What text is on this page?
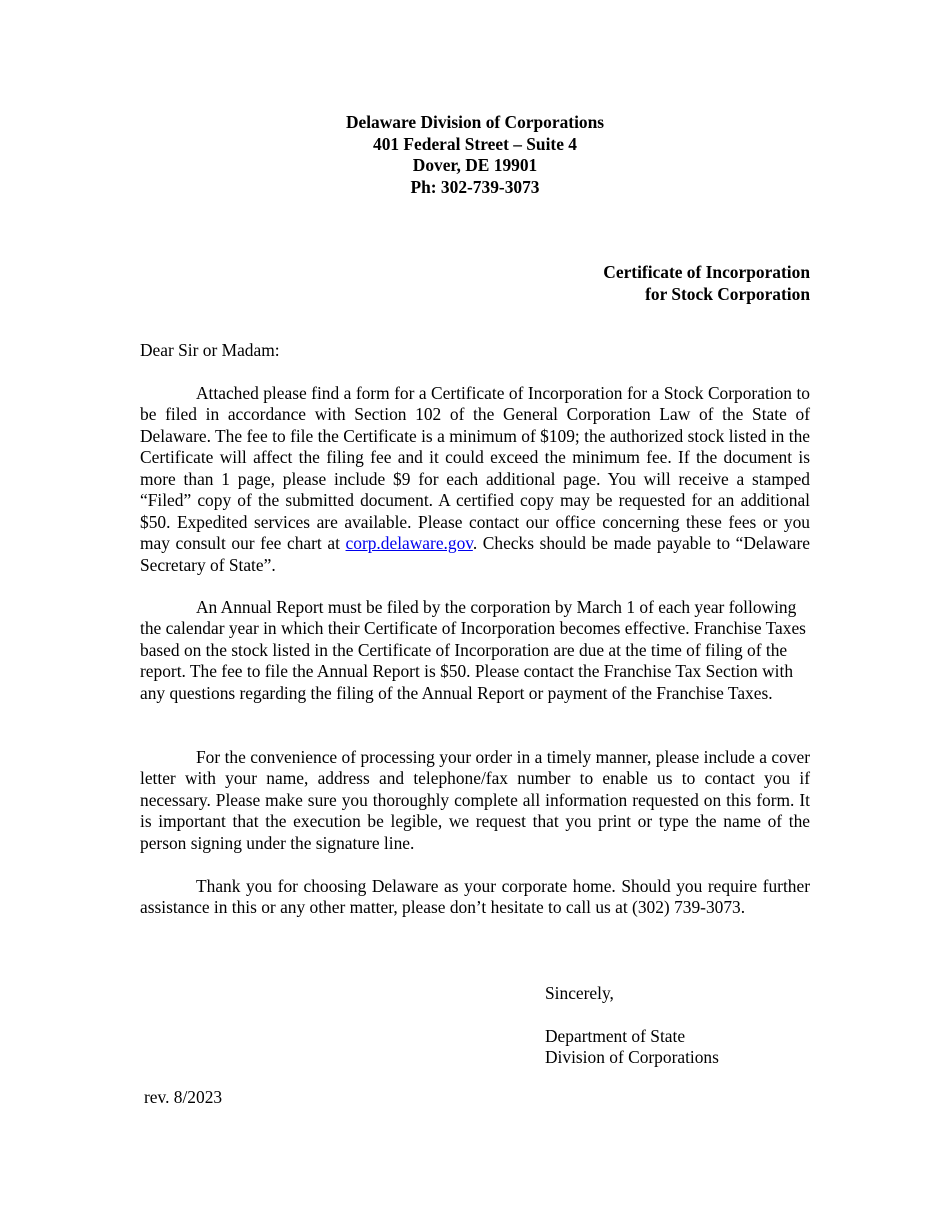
Delaware Division of Corporations
401 Federal Street – Suite 4
Dover, DE 19901
Ph: 302-739-3073
Certificate of Incorporation
for Stock Corporation
Dear Sir or Madam:

Attached please find a form for a Certificate of Incorporation for a Stock Corporation to be filed in accordance with Section 102 of the General Corporation Law of the State of Delaware. The fee to file the Certificate is a minimum of $109; the authorized stock listed in the Certificate will affect the filing fee and it could exceed the minimum fee. If the document is more than 1 page, please include $9 for each additional page. You will receive a stamped “Filed” copy of the submitted document. A certified copy may be requested for an additional $50. Expedited services are available. Please contact our office concerning these fees or you may consult our fee chart at corp.delaware.gov. Checks should be made payable to “Delaware Secretary of State”.

An Annual Report must be filed by the corporation by March 1 of each year following the calendar year in which their Certificate of Incorporation becomes effective. Franchise Taxes based on the stock listed in the Certificate of Incorporation are due at the time of filing of the report. The fee to file the Annual Report is $50. Please contact the Franchise Tax Section with any questions regarding the filing of the Annual Report or payment of the Franchise Taxes.

For the convenience of processing your order in a timely manner, please include a cover letter with your name, address and telephone/fax number to enable us to contact you if necessary. Please make sure you thoroughly complete all information requested on this form. It is important that the execution be legible, we request that you print or type the name of the person signing under the signature line.

Thank you for choosing Delaware as your corporate home. Should you require further assistance in this or any other matter, please don’t hesitate to call us at (302) 739-3073.

Sincerely,
Department of State
Division of Corporations
rev. 8/2023
